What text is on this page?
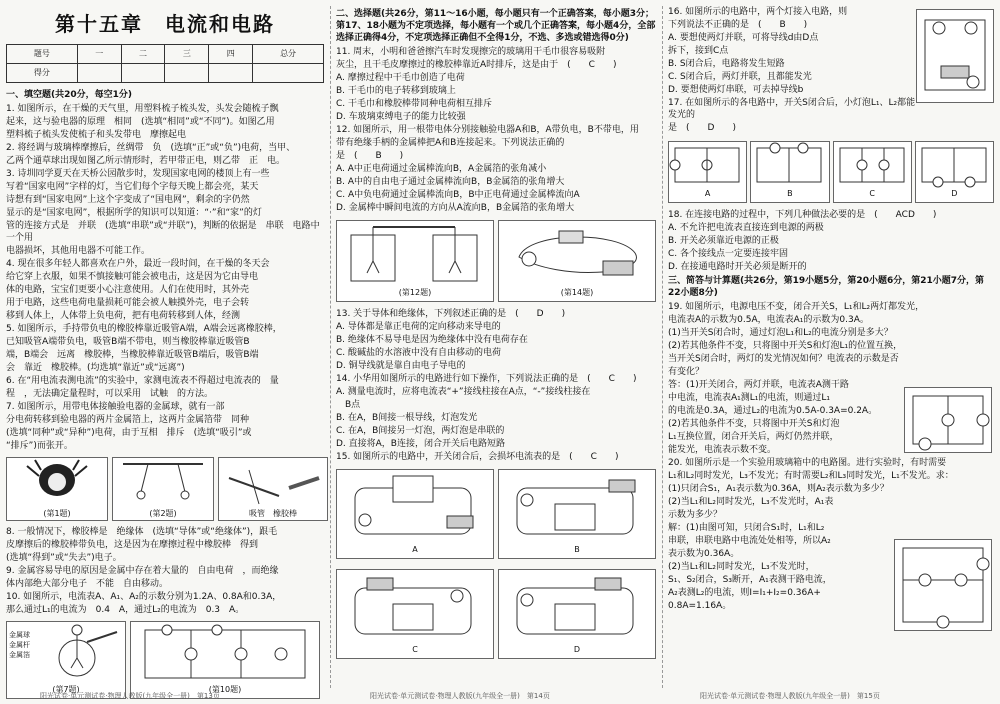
第十五章　电流和电路
题号	一	二	三	四	总分
得分					
一、填空题(共20分，每空1分)
1. 如图所示，在干燥的天气里，用塑料梳子梳头发，头发会随梳子飘
起来，这与验电器的原理　相同　(选填“相同”或“不同”)。如图乙用
塑料梳子梳头发使梳子和头发带电　摩擦起电
2. 将经调与玻璃棒摩擦后，丝绸带　负　(选填“正”或“负”)电荷，当甲、
乙两个通草球出现如图乙所示情形时，若甲带正电，则乙带　正　电。
3. 诗圳同学夏天在天桥公园散步时，发现国家电网的楼顶上有一些
写着“国家电网”字样的灯，当它们每个字每天晚上都会亮，某天
诗想有到“国家电网”上这个字变成了“国电网”，剩余的字仍然
显示的是“国家电网”，根据所学的知识可以知道：“·”和“家”的灯
管的连接方式是　并联　(选填“串联”或“并联”)，判断的依据是　串联　电路中一个用
电器损坏，其他用电器不可能工作。
4. 现在很多年轻人都喜欢在户外，最近一段时间，在干燥的冬天会
给它穿上衣服，如果不慎接触可能会被电击，这是因为它由导电
体的电路，宝宝们更要小心注意使用。人们在使用时，其外壳
用于电路，这些电荷电量损耗可能会被人触摸外壳，电子会转
移到人体上，人体带上负电荷，把有电荷转移到人体，经测
5. 如图所示，手持带负电的橡胶棒靠近吸管A端，A端会远离橡胶棒，
已知吸管A端带负电，吸管B端不带电，则当橡胶棒靠近吸管B
端，B端会　远离　橡胶棒，当橡胶棒靠近吸管B端后，吸管B端
会　靠近　橡胶棒。(均选填“靠近”或“远离”)
6. 在“用电流表测电流”的实验中，家测电流表不得超过电流表的　量
程　，无法确定量程时，可以采用　试触　的方法。
7. 如图所示，用带电体接触验电器的金属球，就有一部
分电荷转移到验电器的两片金属箔上，这两片金属箔带　同种
(选填“同种”或“异种”)电荷，由于互相　排斥　(选填“吸引”或
“排斥”)而张开。
(第1题)	(第2题)	吸管　橡胶棒
8. 一般情况下，橡胶棒是　绝缘体　(选填“导体”或“绝缘体”)，跟毛
皮摩擦后的橡胶棒带负电，这是因为在摩擦过程中橡胶棒　得到
(选填“得到”或“失去”)电子。
9. 金属容易导电的原因是金属中存在着大量的　自由电荷　，而绝缘
体内部绝大部分电子　不能　自由移动。
10. 如图所示，电流表A、A₁、A₂的示数分别为1.2A、0.8A和0.3A，
那么通过L₁的电流为　0.4　A，通过L₂的电流为　0.3　A。
(第7题)
金属球
金属杆
金属箔
(第10题)
阳光试卷·单元测试卷·物理人教版(九年级全一册)　第13页
二、选择题(共26分，第11～16小题，每小题只有一个正确答案，每小题3分；第17、18小题为不定项选择，每小题有一个或几个正确答案，每小题4分，全部选择正确得4分，不定项选择正确但不全得1分，不选、多选或错选得0分)
11. 周末，小明和爸爸擦汽车时发现擦完的玻璃用干毛巾很容易吸附
灰尘，且干毛皮摩擦过的橡胶棒靠近A时排斥，这是由于　(　　C　　)
A. 摩擦过程中干毛巾创造了电荷
B. 干毛巾的电子转移到玻璃上
C. 干毛巾和橡胶棒带同种电荷相互排斥
D. 车玻璃束缚电子的能力比较强
12. 如图所示，用一根带电体分别接触验电器A和B，A带负电，B不带电，用
带有绝缘手柄的金属棒把A和B连接起来。下列说法正确的
是　(　　B　　)
A. A中正电荷通过金属棒流向B，A金属箔的张角减小
B. A中的自由电子通过金属棒流向B，B金属箔的张角增大
C. A中负电荷通过金属棒流向B，B中正电荷通过金属棒流向A
D. 金属棒中瞬间电流的方向从A流向B，B金属箔的张角增大
(第12题)	(第14题)
13. 关于导体和绝缘体，下列叙述正确的是　(　　D　　)
A. 导体都是靠正电荷的定向移动来导电的
B. 绝缘体不易导电是因为绝缘体中没有电荷存在
C. 酸碱盐的水溶液中没有自由移动的电荷
D. 铜导线就是靠自由电子导电的
14. 小华用如图所示的电路进行如下操作，下列说法正确的是　(　　C　　)
A. 测量电流时，应将电流表“+”接线柱接在A点，“-”接线柱接在
　B点
B. 在A，B间接一根导线，灯泡发光
C. 在A，B间接另一灯泡，两灯泡是串联的
D. 直接将A，B连接，闭合开关后电路短路
15. 如图所示的电路中，开关闭合后，会损坏电流表的是　(　　C　　)
A	B
C	D
阳光试卷·单元测试卷·物理人教版(九年级全一册)　第14页
16. 如图所示的电路中，两个灯接入电路，则
下列说法不正确的是　(　　B　　)
A. 要想使两灯并联，可将导线d由D点
拆下，接到C点
B. S闭合后，电路将发生短路
C. S闭合后，两灯并联，且都能发光
D. 要想使两灯串联，可去掉导线b
17. 在如图所示的各电路中，开关S闭合后，小灯泡L₁、L₂都能发光的
是　(　　D　　)
A	B	C	D
18. 在连接电路的过程中，下列几种做法必要的是　(　　ACD　　)
A. 不允许把电流表直接连到电源的两极
B. 开关必须靠近电源的正极
C. 各个接线点一定要连接牢固
D. 在接通电路时开关必须是断开的
三、简答与计算题(共26分，第19小题5分，第20小题6分，第21小题7分，第22小题8分)
19. 如图所示，电源电压不变，闭合开关S，L₁和L₂两灯都发光，
电流表A的示数为0.5A，电流表A₁的示数为0.3A。
(1)当开关S闭合时，通过灯泡L₁和L₂的电流分别是多大？
(2)若其他条件不变，只将图中开关S和灯泡L₁的位置互换，
当开关S闭合时，两灯的发光情况如何？电流表的示数是否
有变化？
答：(1)开关闭合，两灯并联，电流表A测干路
中电流，电流表A₁测L₁的电流，则通过L₁
的电流是0.3A，通过L₂的电流为0.5A-0.3A=0.2A。
(2)若其他条件不变，只将图中开关S和灯泡
L₁互换位置，闭合开关后，两灯仍然并联，
能发光，电流表示数不变。
20. 如图所示是一个实验用玻璃箱中的电路图。进行实验时，有时需要
L₁和L₂同时发光，L₃不发光；有时需要L₂和L₃同时发光，L₁不发光。求：
(1)只闭合S₁，A₁表示数为0.36A，则A₂表示数为多少？
(2)当L₁和L₂同时发光，L₃不发光时，A₁表
示数为多少？
解：(1)由图可知，只闭合S₁时，L₁和L₂
串联，串联电路中电流处处相等，所以A₂
表示数为0.36A。
(2)当L₁和L₂同时发光，L₃不发光时，
S₁、S₂闭合，S₃断开，A₁表测干路电流，
A₂表测L₂的电流，则I=I₁+I₂=0.36A+
0.8A=1.16A。
阳光试卷·单元测试卷·物理人教版(九年级全一册)　第15页
